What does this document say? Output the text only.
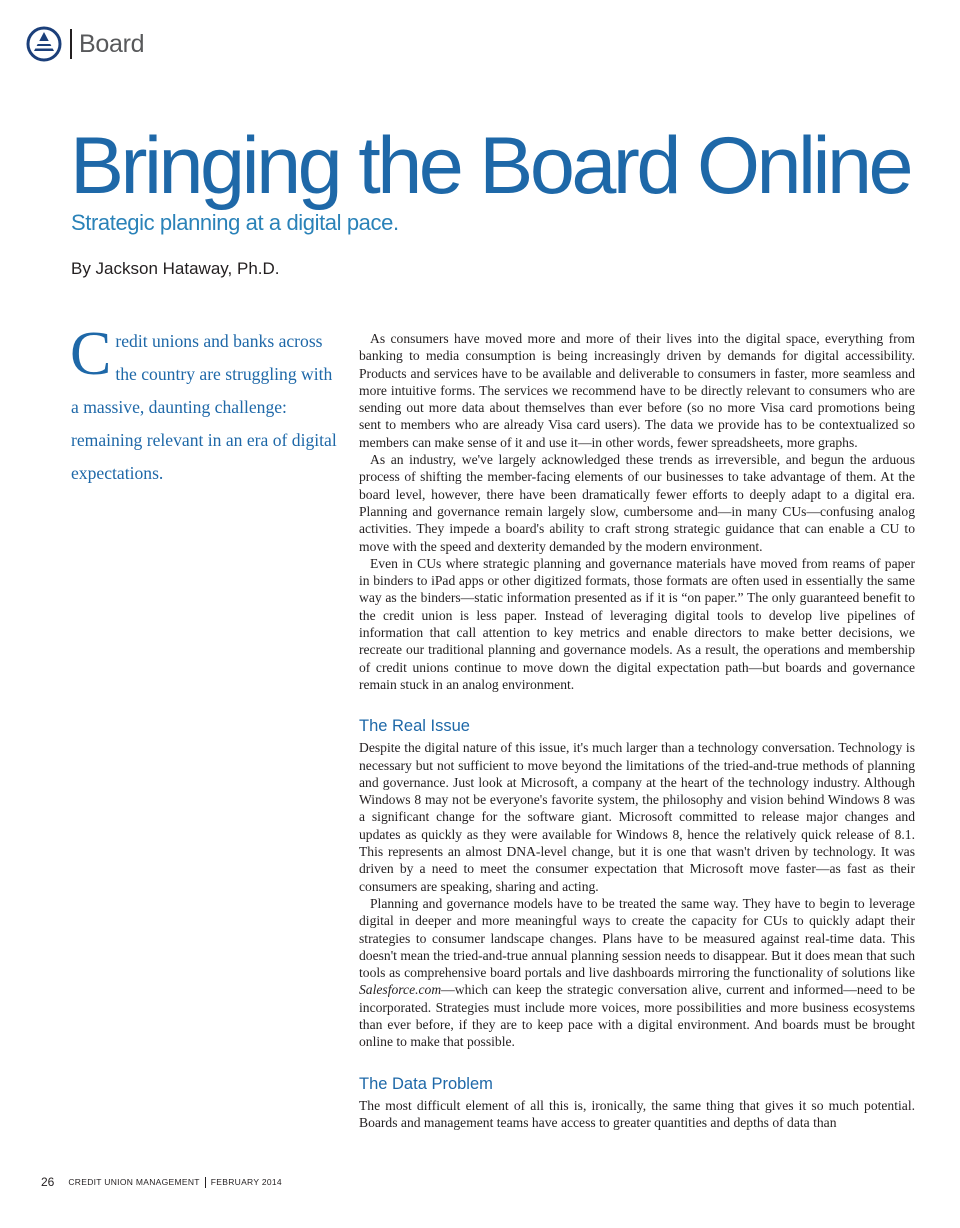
Board
Bringing the Board Online
Strategic planning at a digital pace.

By Jackson Hataway, Ph.D.

Credit unions and banks across the country are struggling with a massive, daunting challenge: remaining relevant in an era of digital expectations.

As consumers have moved more and more of their lives into the digital space, everything from banking to media consumption is being increasingly driven by demands for digital accessibility. Products and services have to be available and deliverable to consumers in faster, more seamless and more intuitive forms. The services we recommend have to be directly relevant to consumers who are sending out more data about themselves than ever before (so no more Visa card promotions being sent to members who are already Visa card users). The data we provide has to be contextualized so members can make sense of it and use it—in other words, fewer spreadsheets, more graphs.

As an industry, we've largely acknowledged these trends as irreversible, and begun the arduous process of shifting the member-facing elements of our businesses to take advantage of them. At the board level, however, there have been dramatically fewer efforts to deeply adapt to a digital era. Planning and governance remain largely slow, cumbersome and—in many CUs—confusing analog activities. They impede a board's ability to craft strong strategic guidance that can enable a CU to move with the speed and dexterity demanded by the modern environment.

Even in CUs where strategic planning and governance materials have moved from reams of paper in binders to iPad apps or other digitized formats, those formats are often used in essentially the same way as the binders—static information presented as if it is “on paper.” The only guaranteed benefit to the credit union is less paper. Instead of leveraging digital tools to develop live pipelines of information that call attention to key metrics and enable directors to make better decisions, we recreate our traditional planning and governance models. As a result, the operations and membership of credit unions continue to move down the digital expectation path—but boards and governance remain stuck in an analog environment.

The Real Issue

Despite the digital nature of this issue, it's much larger than a technology conversation. Technology is necessary but not sufficient to move beyond the limitations of the tried-and-true methods of planning and governance. Just look at Microsoft, a company at the heart of the technology industry. Although Windows 8 may not be everyone's favorite system, the philosophy and vision behind Windows 8 was a significant change for the software giant. Microsoft committed to release major changes and updates as quickly as they were available for Windows 8, hence the relatively quick release of 8.1. This represents an almost DNA-level change, but it is one that wasn't driven by technology. It was driven by a need to meet the consumer expectation that Microsoft move faster—as fast as their consumers are speaking, sharing and acting.

Planning and governance models have to be treated the same way. They have to begin to leverage digital in deeper and more meaningful ways to create the capacity for CUs to quickly adapt their strategies to consumer landscape changes. Plans have to be measured against real-time data. This doesn't mean the tried-and-true annual planning session needs to disappear. But it does mean that such tools as comprehensive board portals and live dashboards mirroring the functionality of solutions like Salesforce.com—which can keep the strategic conversation alive, current and informed—need to be incorporated. Strategies must include more voices, more possibilities and more business ecosystems than ever before, if they are to keep pace with a digital environment. And boards must be brought online to make that possible.

The Data Problem

The most difficult element of all this is, ironically, the same thing that gives it so much potential. Boards and management teams have access to greater quantities and depths of data than

26 CREDIT UNION MANAGEMENT FEBRUARY 2014
